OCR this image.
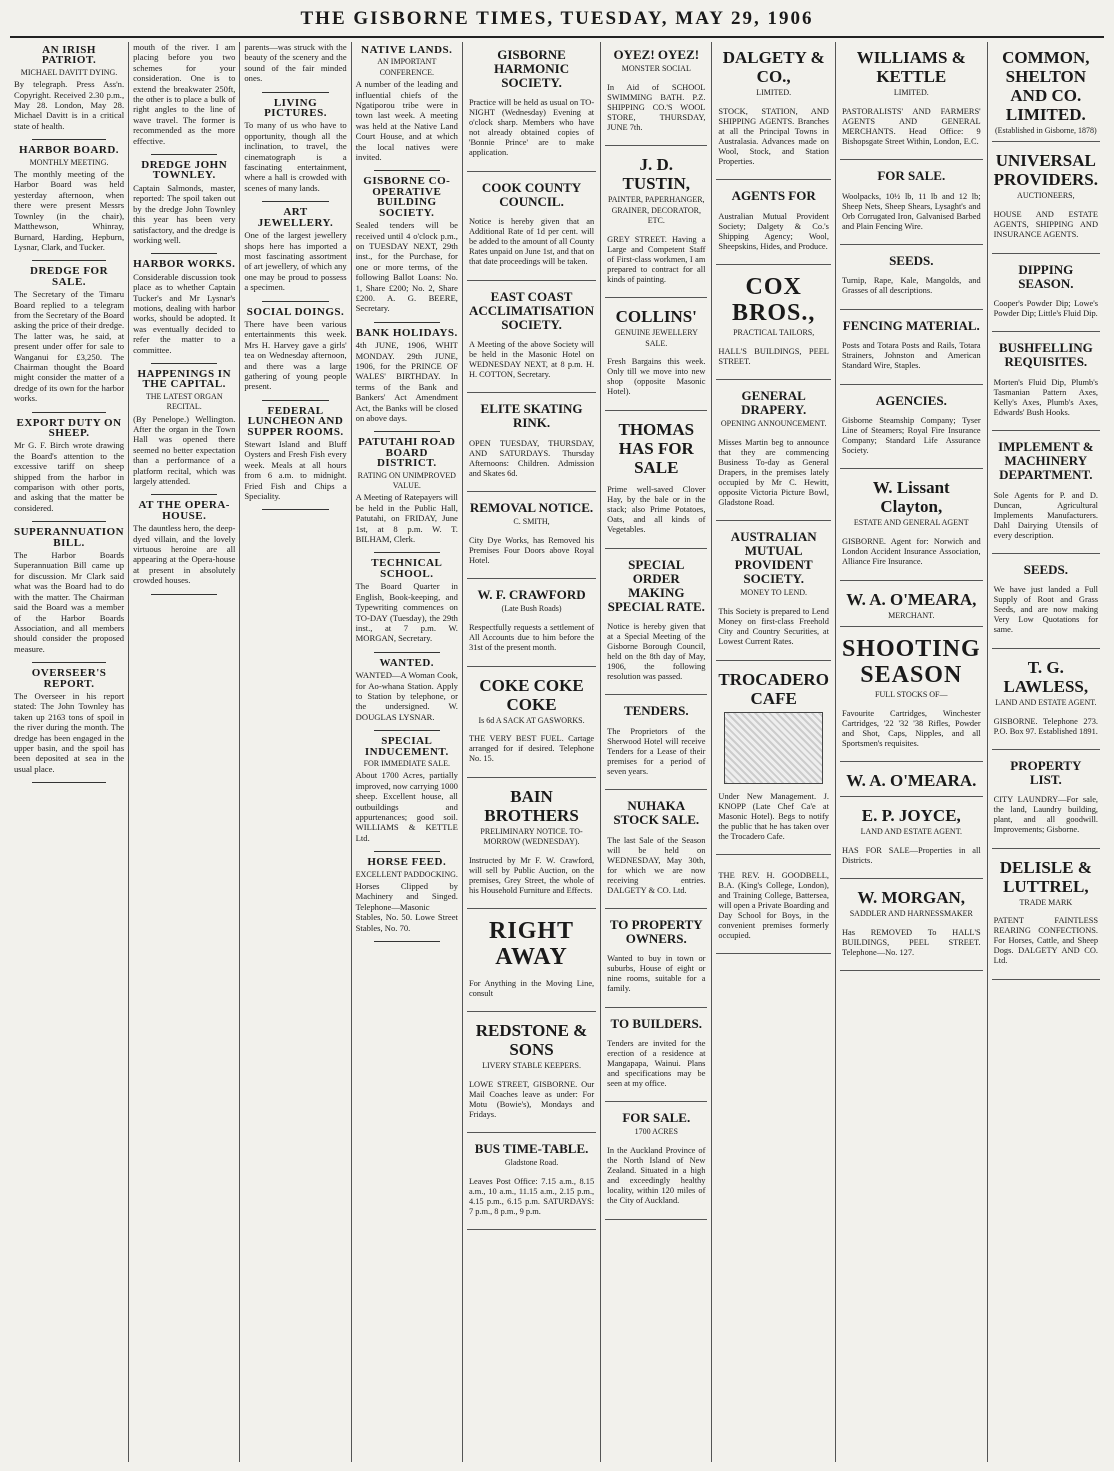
THE GISBORNE TIMES, TUESDAY, MAY 29, 1906
AN IRISH PATRIOT.
MICHAEL DAVITT DYING.

By telegraph. Press Ass'n. Copyright. Received 2.30 p.m., May 28. London, May 28. Michael Davitt is in a critical state of health.

HARBOR BOARD.
MONTHLY MEETING.

The monthly meeting of the Harbor Board was held yesterday afternoon, when there were present Messrs Townley (in the chair), Matthewson, Whinray, Burnard, Harding, Hepburn, Lysnar, Clark, and Tucker.

DREDGE FOR SALE.

The Secretary of the Timaru Board replied to a telegram from the Secretary of the Board asking the price of their dredge. The latter was, he said, at present under offer for sale to Wanganui for £3,250. The Chairman thought the Board might consider the matter of a dredge of its own for the harbor works.

EXPORT DUTY ON SHEEP.

Mr G. F. Birch wrote drawing the Board's attention to the excessive tariff on sheep shipped from the harbor in comparison with other ports, and asking that the matter be considered.

SUPERANNUATION BILL.

The Harbor Boards Superannuation Bill came up for discussion. Mr Clark said what was the Board had to do with the matter. The Chairman said the Board was a member of the Harbor Boards Association, and all members should consider the proposed measure.

OVERSEER'S REPORT.

The Overseer in his report stated: The John Townley has taken up 2163 tons of spoil in the river during the month. The dredge has been engaged in the upper basin, and the spoil has been deposited at sea in the usual place.

mouth of the river. I am placing before you two schemes for your consideration. One is to extend the breakwater 250ft, the other is to place a bulk of right angles to the line of wave travel. The former is recommended as the more effective.

DREDGE JOHN TOWNLEY.

Captain Salmonds, master, reported: The spoil taken out by the dredge John Townley this year has been very satisfactory, and the dredge is working well.

HARBOR WORKS.

Considerable discussion took place as to whether Captain Tucker's and Mr Lysnar's motions, dealing with harbor works, should be adopted. It was eventually decided to refer the matter to a committee.

HAPPENINGS IN THE CAPITAL.
THE LATEST ORGAN RECITAL.

(By Penelope.) Wellington. After the organ in the Town Hall was opened there seemed no better expectation than a performance of a platform recital, which was largely attended.

AT THE OPERA-HOUSE.

The dauntless hero, the deep-dyed villain, and the lovely virtuous heroine are all appearing at the Opera-house at present in absolutely crowded houses.

parents—was struck with the beauty of the scenery and the sound of the fair minded ones.

LIVING PICTURES.

To many of us who have to opportunity, though all the inclination, to travel, the cinematograph is a fascinating entertainment, where a hall is crowded with scenes of many lands.

ART JEWELLERY.

One of the largest jewellery shops here has imported a most fascinating assortment of art jewellery, of which any one may be proud to possess a specimen.

SOCIAL DOINGS.

There have been various entertainments this week. Mrs H. Harvey gave a girls' tea on Wednesday afternoon, and there was a large gathering of young people present.

FEDERAL LUNCHEON AND SUPPER ROOMS.

Stewart Island and Bluff Oysters and Fresh Fish every week. Meals at all hours from 6 a.m. to midnight. Fried Fish and Chips a Speciality.

NATIVE LANDS.
AN IMPORTANT CONFERENCE.

A number of the leading and influential chiefs of the Ngatiporou tribe were in town last week. A meeting was held at the Native Land Court House, and at which the local natives were invited.

GISBORNE CO-OPERATIVE BUILDING SOCIETY.

Sealed tenders will be received until 4 o'clock p.m., on TUESDAY NEXT, 29th inst., for the Purchase, for one or more terms, of the following Ballot Loans: No. 1, Share £200; No. 2, Share £200. A. G. BEERE, Secretary.

BANK HOLIDAYS.

4th JUNE, 1906, WHIT MONDAY. 29th JUNE, 1906, for the PRINCE OF WALES' BIRTHDAY. In terms of the Bank and Bankers' Act Amendment Act, the Banks will be closed on above days.

PATUTAHI ROAD BOARD DISTRICT.
RATING ON UNIMPROVED VALUE.

A Meeting of Ratepayers will be held in the Public Hall, Patutahi, on FRIDAY, June 1st, at 8 p.m. W. T. BILHAM, Clerk.

TECHNICAL SCHOOL.

The Board Quarter in English, Book-keeping, and Typewriting commences on TO-DAY (Tuesday), the 29th inst., at 7 p.m. W. MORGAN, Secretary.

WANTED.

WANTED—A Woman Cook, for Ao-whana Station. Apply to Station by telephone, or the undersigned. W. DOUGLAS LYSNAR.

SPECIAL INDUCEMENT.
FOR IMMEDIATE SALE.

About 1700 Acres, partially improved, now carrying 1000 sheep. Excellent house, all outbuildings and appurtenances; good soil. WILLIAMS & KETTLE Ltd.

HORSE FEED.
EXCELLENT PADDOCKING.

Horses Clipped by Machinery and Singed. Telephone—Masonic Stables, No. 50. Lowe Street Stables, No. 70.

GISBORNE HARMONIC SOCIETY.

Practice will be held as usual on TO-NIGHT (Wednesday) Evening at o'clock sharp. Members who have not already obtained copies of 'Bonnie Prince' are to make application.

COOK COUNTY COUNCIL.

Notice is hereby given that an Additional Rate of 1d per cent. will be added to the amount of all County Rates unpaid on June 1st, and that on that date proceedings will be taken.

EAST COAST ACCLIMATISATION SOCIETY.

A Meeting of the above Society will be held in the Masonic Hotel on WEDNESDAY NEXT, at 8 p.m. H. H. COTTON, Secretary.

ELITE SKATING RINK.

OPEN TUESDAY, THURSDAY, AND SATURDAYS. Thursday Afternoons: Children. Admission and Skates 6d.

REMOVAL NOTICE.
C. SMITH,

City Dye Works, has Removed his Premises Four Doors above Royal Hotel.

W. F. CRAWFORD
(Late Bush Roads)

Respectfully requests a settlement of All Accounts due to him before the 31st of the present month.

COKE COKE COKE
Is 6d A SACK AT GASWORKS.

THE VERY BEST FUEL. Cartage arranged for if desired. Telephone No. 15.

BAIN BROTHERS
PRELIMINARY NOTICE. TO-MORROW (WEDNESDAY).

Instructed by Mr F. W. Crawford, will sell by Public Auction, on the premises, Grey Street, the whole of his Household Furniture and Effects.

RIGHT AWAY

For Anything in the Moving Line, consult

REDSTONE & SONS
LIVERY STABLE KEEPERS.

LOWE STREET, GISBORNE. Our Mail Coaches leave as under: For Motu (Bowie's), Mondays and Fridays.

BUS TIME-TABLE.
Gladstone Road.

Leaves Post Office: 7.15 a.m., 8.15 a.m., 10 a.m., 11.15 a.m., 2.15 p.m., 4.15 p.m., 6.15 p.m. SATURDAYS: 7 p.m., 8 p.m., 9 p.m.

OYEZ! OYEZ!
MONSTER SOCIAL

In Aid of SCHOOL SWIMMING BATH. P.Z. SHIPPING CO.'S WOOL STORE, THURSDAY, JUNE 7th.

J. D. TUSTIN,
PAINTER, PAPERHANGER, GRAINER, DECORATOR, ETC.

GREY STREET. Having a Large and Competent Staff of First-class workmen, I am prepared to contract for all kinds of painting.

COLLINS'
GENUINE JEWELLERY SALE.

Fresh Bargains this week. Only till we move into new shop (opposite Masonic Hotel).

THOMAS HAS FOR SALE

Prime well-saved Clover Hay, by the bale or in the stack; also Prime Potatoes, Oats, and all kinds of Vegetables.

SPECIAL ORDER MAKING SPECIAL RATE.

Notice is hereby given that at a Special Meeting of the Gisborne Borough Council, held on the 8th day of May, 1906, the following resolution was passed.

TENDERS.

The Proprietors of the Sherwood Hotel will receive Tenders for a Lease of their premises for a period of seven years.

NUHAKA STOCK SALE.

The last Sale of the Season will be held on WEDNESDAY, May 30th, for which we are now receiving entries. DALGETY & CO. Ltd.

TO PROPERTY OWNERS.

Wanted to buy in town or suburbs, House of eight or nine rooms, suitable for a family.

TO BUILDERS.

Tenders are invited for the erection of a residence at Mangapapa, Wainui. Plans and specifications may be seen at my office.

FOR SALE.
1700 ACRES

In the Auckland Province of the North Island of New Zealand. Situated in a high and exceedingly healthy locality, within 120 miles of the City of Auckland.

DALGETY & CO.,
LIMITED.

STOCK, STATION, AND SHIPPING AGENTS. Branches at all the Principal Towns in Australasia. Advances made on Wool, Stock, and Station Properties.

AGENTS FOR

Australian Mutual Provident Society; Dalgety & Co.'s Shipping Agency; Wool, Sheepskins, Hides, and Produce.

COX BROS.,
PRACTICAL TAILORS,

HALL'S BUILDINGS, PEEL STREET.

GENERAL DRAPERY.
OPENING ANNOUNCEMENT.

Misses Martin beg to announce that they are commencing Business To-day as General Drapers, in the premises lately occupied by Mr C. Hewitt, opposite Victoria Picture Bowl, Gladstone Road.

AUSTRALIAN MUTUAL PROVIDENT SOCIETY.
MONEY TO LEND.

This Society is prepared to Lend Money on first-class Freehold City and Country Securities, at Lowest Current Rates.

TROCADERO CAFE

Under New Management. J. KNOPP (Late Chef Ca'e at Masonic Hotel). Begs to notify the public that he has taken over the Trocadero Cafe.

THE REV. H. GOODBELL, B.A. (King's College, London), and Training College, Battersea, will open a Private Boarding and Day School for Boys, in the convenient premises formerly occupied.

WILLIAMS & KETTLE
LIMITED.

PASTORALISTS' AND FARMERS' AGENTS AND GENERAL MERCHANTS. Head Office: 9 Bishopsgate Street Within, London, E.C.

FOR SALE.

Woolpacks, 10½ lb, 11 lb and 12 lb; Sheep Nets, Sheep Shears, Lysaght's and Orb Corrugated Iron, Galvanised Barbed and Plain Fencing Wire.

SEEDS.

Turnip, Rape, Kale, Mangolds, and Grasses of all descriptions.

FENCING MATERIAL.

Posts and Totara Posts and Rails, Totara Strainers, Johnston and American Standard Wire, Staples.

AGENCIES.

Gisborne Steamship Company; Tyser Line of Steamers; Royal Fire Insurance Company; Standard Life Assurance Society.

W. Lissant Clayton,
ESTATE AND GENERAL AGENT

GISBORNE. Agent for: Norwich and London Accident Insurance Association, Alliance Fire Insurance.

W. A. O'MEARA,
MERCHANT.
SHOOTING SEASON
FULL STOCKS OF—

Favourite Cartridges, Winchester Cartridges, '22 '32 '38 Rifles, Powder and Shot, Caps, Nipples, and all Sportsmen's requisites.

W. A. O'MEARA.
E. P. JOYCE,
LAND AND ESTATE AGENT.

HAS FOR SALE—Properties in all Districts.

W. MORGAN,
SADDLER AND HARNESSMAKER

Has REMOVED To HALL'S BUILDINGS, PEEL STREET. Telephone—No. 127.

COMMON, SHELTON AND CO. LIMITED.
(Established in Gisborne, 1878)
UNIVERSAL PROVIDERS.
AUCTIONEERS,

HOUSE AND ESTATE AGENTS, SHIPPING AND INSURANCE AGENTS.

DIPPING SEASON.

Cooper's Powder Dip; Lowe's Powder Dip; Little's Fluid Dip.

BUSHFELLING REQUISITES.

Morten's Fluid Dip, Plumb's Tasmanian Pattern Axes, Kelly's Axes, Plumb's Axes, Edwards' Bush Hooks.

IMPLEMENT & MACHINERY DEPARTMENT.

Sole Agents for P. and D. Duncan, Agricultural Implements Manufacturers. Dahl Dairying Utensils of every description.

SEEDS.

We have just landed a Full Supply of Root and Grass Seeds, and are now making Very Low Quotations for same.

T. G. LAWLESS,
LAND AND ESTATE AGENT.

GISBORNE. Telephone 273. P.O. Box 97. Established 1891.

PROPERTY LIST.

CITY LAUNDRY—For sale, the land, Laundry building, plant, and all goodwill. Improvements; Gisborne.

DELISLE & LUTTREL,
TRADE MARK

PATENT FAINTLESS REARING CONFECTIONS. For Horses, Cattle, and Sheep Dogs. DALGETY AND CO. Ltd.
